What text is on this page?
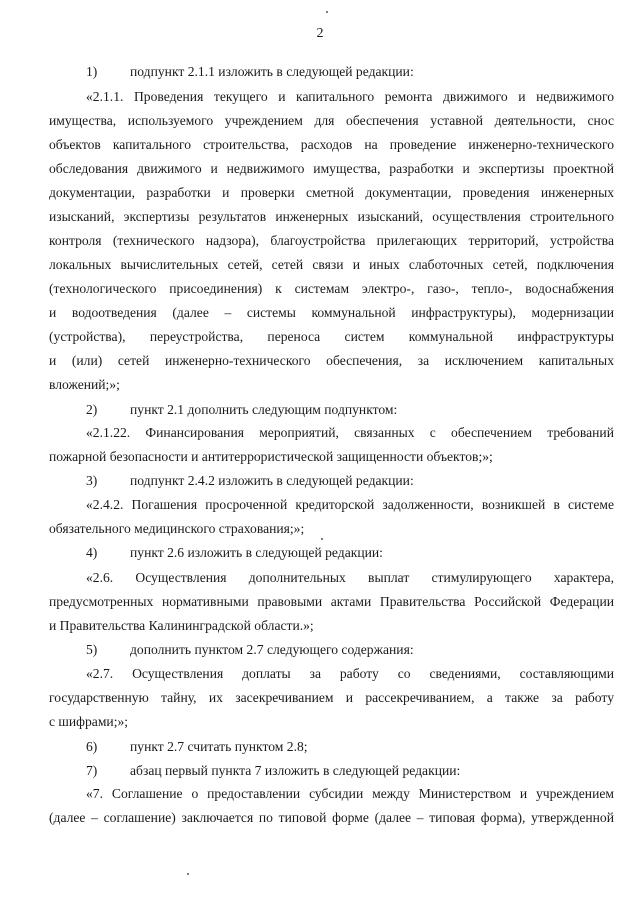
2
1) подпункт 2.1.1 изложить в следующей редакции:
«2.1.1. Проведения текущего и капитального ремонта движимого и недвижимого
имущества, используемого учреждением для обеспечения уставной деятельности, снос
объектов капитального строительства, расходов на проведение инженерно-технического
обследования движимого и недвижимого имущества, разработки и экспертизы проектной
документации, разработки и проверки сметной документации, проведения инженерных
изысканий, экспертизы результатов инженерных изысканий, осуществления строительного
контроля (технического надзора), благоустройства прилегающих территорий, устройства
локальных вычислительных сетей, сетей связи и иных слаботочных сетей, подключения
(технологического присоединения) к системам электро-, газо-, тепло-, водоснабжения
и водоотведения (далее – системы коммунальной инфраструктуры), модернизации
(устройства), переустройства, переноса систем коммунальной инфраструктуры
и (или) сетей инженерно-технического обеспечения, за исключением капитальных
вложений;»;
2) пункт 2.1 дополнить следующим подпунктом:
«2.1.22. Финансирования мероприятий, связанных с обеспечением требований
пожарной безопасности и антитеррористической защищенности объектов;»;
3) подпункт 2.4.2 изложить в следующей редакции:
«2.4.2. Погашения просроченной кредиторской задолженности, возникшей в системе
обязательного медицинского страхования;»;
4) пункт 2.6 изложить в следующей редакции:
«2.6. Осуществления дополнительных выплат стимулирующего характера,
предусмотренных нормативными правовыми актами Правительства Российской Федерации
и Правительства Калининградской области.»;
5) дополнить пунктом 2.7 следующего содержания:
«2.7. Осуществления доплаты за работу со сведениями, составляющими
государственную тайну, их засекречиванием и рассекречиванием, а также за работу
с шифрами;»;
6) пункт 2.7 считать пунктом 2.8;
7) абзац первый пункта 7 изложить в следующей редакции:
«7. Соглашение о предоставлении субсидии между Министерством и учреждением
(далее – соглашение) заключается по типовой форме (далее – типовая форма), утвержденной
